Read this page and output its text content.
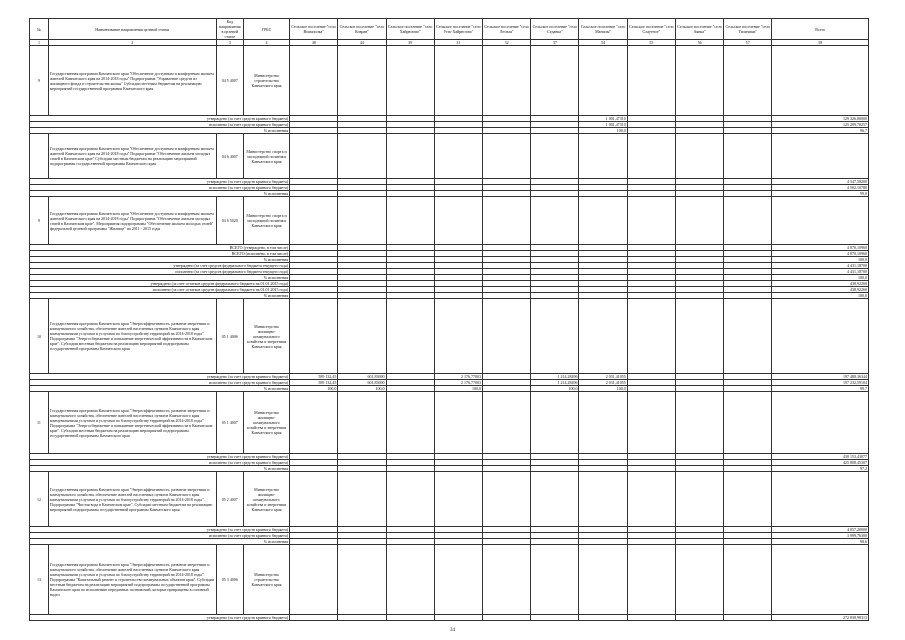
№	Наименование направления целевой статьи	Код направления в целевой статье	ГРБС	Сельское поселение "село Воямполка"	Сельское поселение "село Ковран"	Сельское поселение "село Хайрюзово"	Сельское поселение "село Усть-Хайрюзово"	Сельское поселение "село Лесная"	Сельское поселение "село Седанка"	Сельское поселение "село Манилы"	Сельское поселение "село Слаутное"	Сельское поселение "село Аянка"	Сельское поселение "село Тиличики"	Всего
1	2	3	4	48	44	39	31	32	37	54	55	56	57	58
9	Государственная программа Камчатского края "Обеспечение доступным и комфортным жильем жителей Камчатского края на 2014-2018 годы" Подпрограмма "Управление средств из жилищного фонда и строительства жилья" Субсидии местным бюджетам на реализацию мероприятий государственной программы Камчатского края	04 5 4007	Министерство строительства Камчатского края											
утверждено (за счет средств краевого бюджета)										1 001,47310				129 326,00000
исполнено (за счет средств краевого бюджета)										1 001,47310				125 209,78257
% исполнения										100,0				96,7
	Государственная программа Камчатского края "Обеспечение доступным и комфортным жильем жителей Камчатского края на 2014-2018 годы" Подпрограмма "Обеспечение жильем молодых семей в Камчатском крае" Субсидии местным бюджетам на реализацию мероприятий подпрограммы государственной программы Камчатского края	04 6 4007	Министерство спорта и молодежной политики Камчатского края											
утверждено (за счет средств краевого бюджета)														4 547,58200
исполнено (за счет средств краевого бюджета)														4 502,10780
% исполнения														99,0
9	Государственная программа Камчатского края "Обеспечение доступным и комфортным жильем жителей Камчатского края на 2014-2018 годы" Подпрограмма "Обеспечение жильем молодых семей в Камчатском крае". Мероприятия подпрограммы "Обеспечение жильем молодых семей" федеральной целевой программы "Жилище" на 2011 - 2015 годы	04 6 5020	Министерство спорта и молодежной политики Камчатского края											
ВСЕГО (утверждено, в том числе)														4 870,10960
ВСЕГО (исполнено, в том числе)														4 870,10960
% исполнения														100,0
утверждено (за счет средств федерального бюджета текущего года)														4 431,18700
исполнено (за счет средств федерального бюджета текущего года)														4 431,18700
% исполнения														100,0
утверждено (за счет остатков средств федерального бюджета на 01.01.2015 года)														438,92260
исполнено (за счет остатков средств федерального бюджета на 01.01.2015 года)														438,92260
% исполнения														100,0
10	Государственная программа Камчатского края "Энергоэффективность, развитие энергетики и коммунального хозяйства, обеспечение жителей населенных пунктов Камчатского края коммунальными услугами и услугами по благоустройству территорий на 2014-2018 годы" Подпрограмма "Энергосбережение и повышение энергетической эффективности в Камчатском крае". Субсидии местным бюджетам на реализацию мероприятий подпрограммы государственной программы Камчатского края	05 1 4006	Министерство жилищно-коммунального хозяйства и энергетики Камчатского края											
утверждено (за счет средств краевого бюджета)				589 132,45	601,83690		2 176,77003		1 214,28496	2 031,41055				197 488,36344
исполнено (за счет средств краевого бюджета)				589 132,45	601,83690		2 176,77003		1 214,28496	2 031,41055				197 232,59104
% исполнения				100,0	100,0		100,0		100,0	100,0				99,7
11	Государственная программа Камчатского края "Энергоэффективность, развитие энергетики и коммунального хозяйства, обеспечение жителей населенных пунктов Камчатского края коммунальными услугами и услугами по благоустройству территорий на 2014-2018 годы" Подпрограмма "Энергосбережение и повышение энергетической эффективности в Камчатском крае". Субсидии местным бюджетам на реализацию мероприятий подпрограммы государственной программы Камчатского края	05 1 4007	Министерство жилищно-коммунального хозяйства и энергетики Камчатского края											
утверждено (за счет средств краевого бюджета)														438 153,43077
исполнено (за счет средств краевого бюджета)														425 808,45307
% исполнения														97,2
12	Государственная программа Камчатского края "Энергоэффективность, развитие энергетики и коммунального хозяйства, обеспечение жителей населенных пунктов Камчатского края коммунальными услугами и услугами по благоустройству территорий на 2014-2018 годы". Подпрограмма "Чистая вода в Камчатском крае". Субсидии местным бюджетам на реализацию мероприятий подпрограммы государственной программы Камчатского края	05 2 4007	Министерство жилищно-коммунального хозяйства и энергетики Камчатского края											
утверждено (за счет средств краевого бюджета)														4 057,20000
исполнено (за счет средств краевого бюджета)														3 999,76300
% исполнения														98,6
13	Государственная программа Камчатского края "Энергоэффективность, развитие энергетики и коммунального хозяйства, обеспечение жителей населенных пунктов Камчатского края коммунальными услугами и услугами по благоустройству территорий на 2014-2018 годы". Подпрограмма "Капитальный ремонт и строительство коммунальных объектов края". Субсидии местным бюджетам на реализацию мероприятий подпрограммы государственной программы Камчатского края по исполнению переданных полномочий, которые превращены в основной надел	05 3 4006	Министерство строительства Камчатского края											
утверждено (за счет средств краевого бюджета)														272 838,98313
34
